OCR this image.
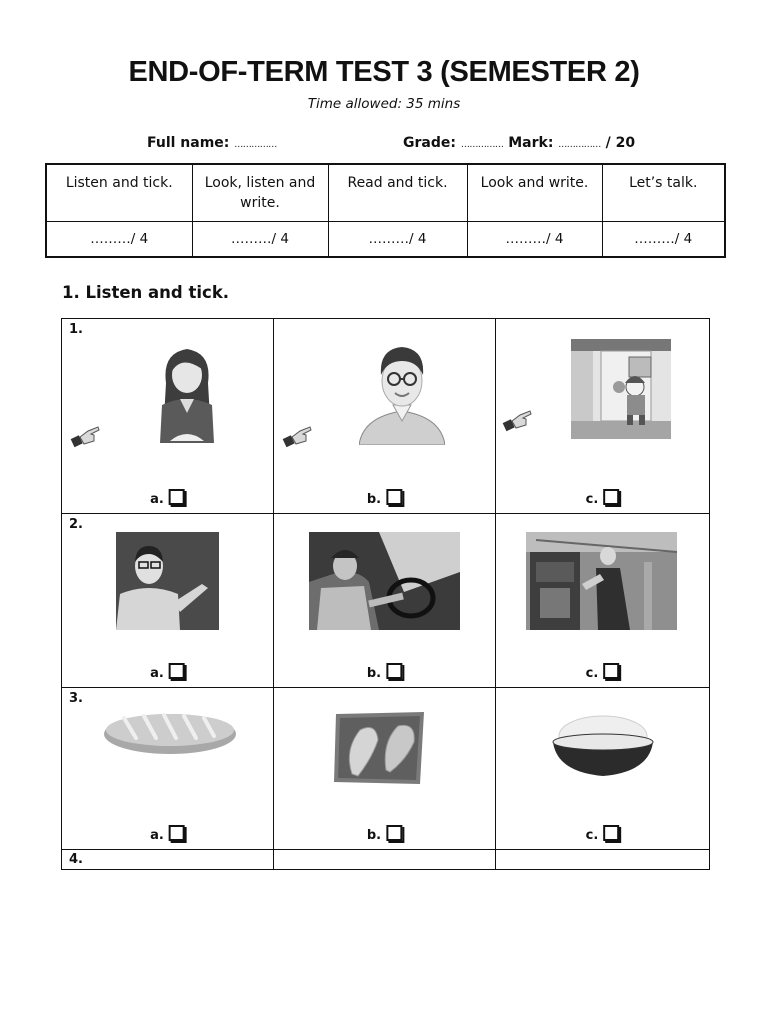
END-OF-TERM TEST 3 (SEMESTER 2)
Time allowed: 35 mins
Full name: ……………	Grade: …………… Mark: …………… / 20
Listen and tick.	Look, listen and write.	Read and tick.	Look and write.	Let’s talk.
………/ 4	………/ 4	………/ 4	………/ 4	………/ 4
1. Listen and tick.
1.
a.	b.	c.

2.
a.	b.	c.

3.
a.	b.	c.

4.		
